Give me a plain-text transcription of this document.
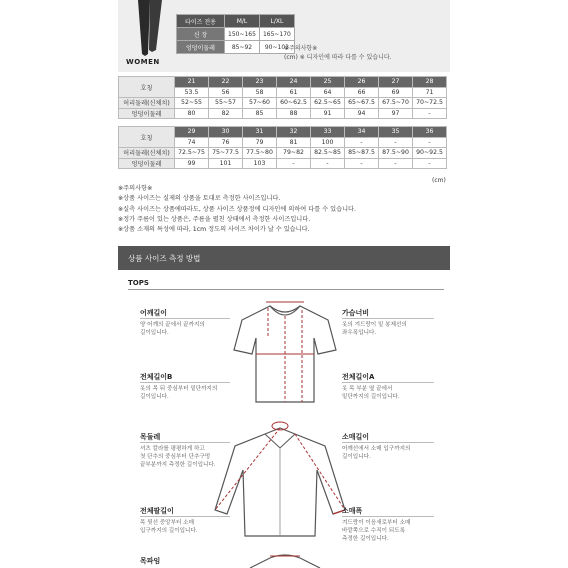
WOMEN
타이즈 전용	M/L	L/XL
신 장	150~165	165~170
엉덩이둘레	85~92	90~103
※주의사항※
(cm) ※ 디자인에 따라 다를 수 있습니다.
호칭	21	22	23	24	25	26	27	28
	53.5	56	58	61	64	66	69	71
허리둘레(신체치)	52~55	55~57	57~60	60~62.5	62.5~65	65~67.5	67.5~70	70~72.5
엉덩이둘레	80	82	85	88	91	94	97	-
호칭	29	30	31	32	33	34	35	36
	74	76	79	81	100	-	-	-
허리둘레(신체치)	72.5~75	75~77.5	77.5~80	79~82	82.5~85	85~87.5	87.5~90	90~92.5
엉덩이둘레	99	101	103	-	-	-	-	-
(cm)
※주의사항※
※상품 사이즈는 실제의 상품을 토대로 측정한 사이즈입니다.
※실측 사이즈는 상품에따라도, 상품 사이즈 상품정에 디자인에 의하여 다를 수 있습니다.
※정가 주름이 있는 상품은, 주름을 펼친 상태에서 측정한 사이즈입니다.
※상품 소재의 특성에 따라, 1cm 정도의 사이즈 차이가 날 수 있습니다.
상품 사이즈 측정 방법
TOPS
어깨길이
양 어깨의 끝에서 끝까지의
길이입니다.
가슴너비
옷의 겨드랑이 밑 봉제선의
좌우폭입니다.
전체길이B
옷의 목 뒤 중심부터 밑단까지의
길이입니다.
전체길이A
옷 목 부분 옆 끝에서
밑단까지의 길이입니다.
목둘레
셔츠 칼라를 평평하게 하고
첫 단추의 중심부터 단추구멍
끝부분까지 측정한 길이입니다.
소매길이
어깨선에서 소매 입구까지의
길이입니다.
전체팔길이
목 뒷선 중앙부터 소매
입구까지의 길이입니다.
소매폭
겨드랑이 이음새로부터 소매
바깥쪽으로 수직이 되도록
측정한 길이입니다.
목파임
